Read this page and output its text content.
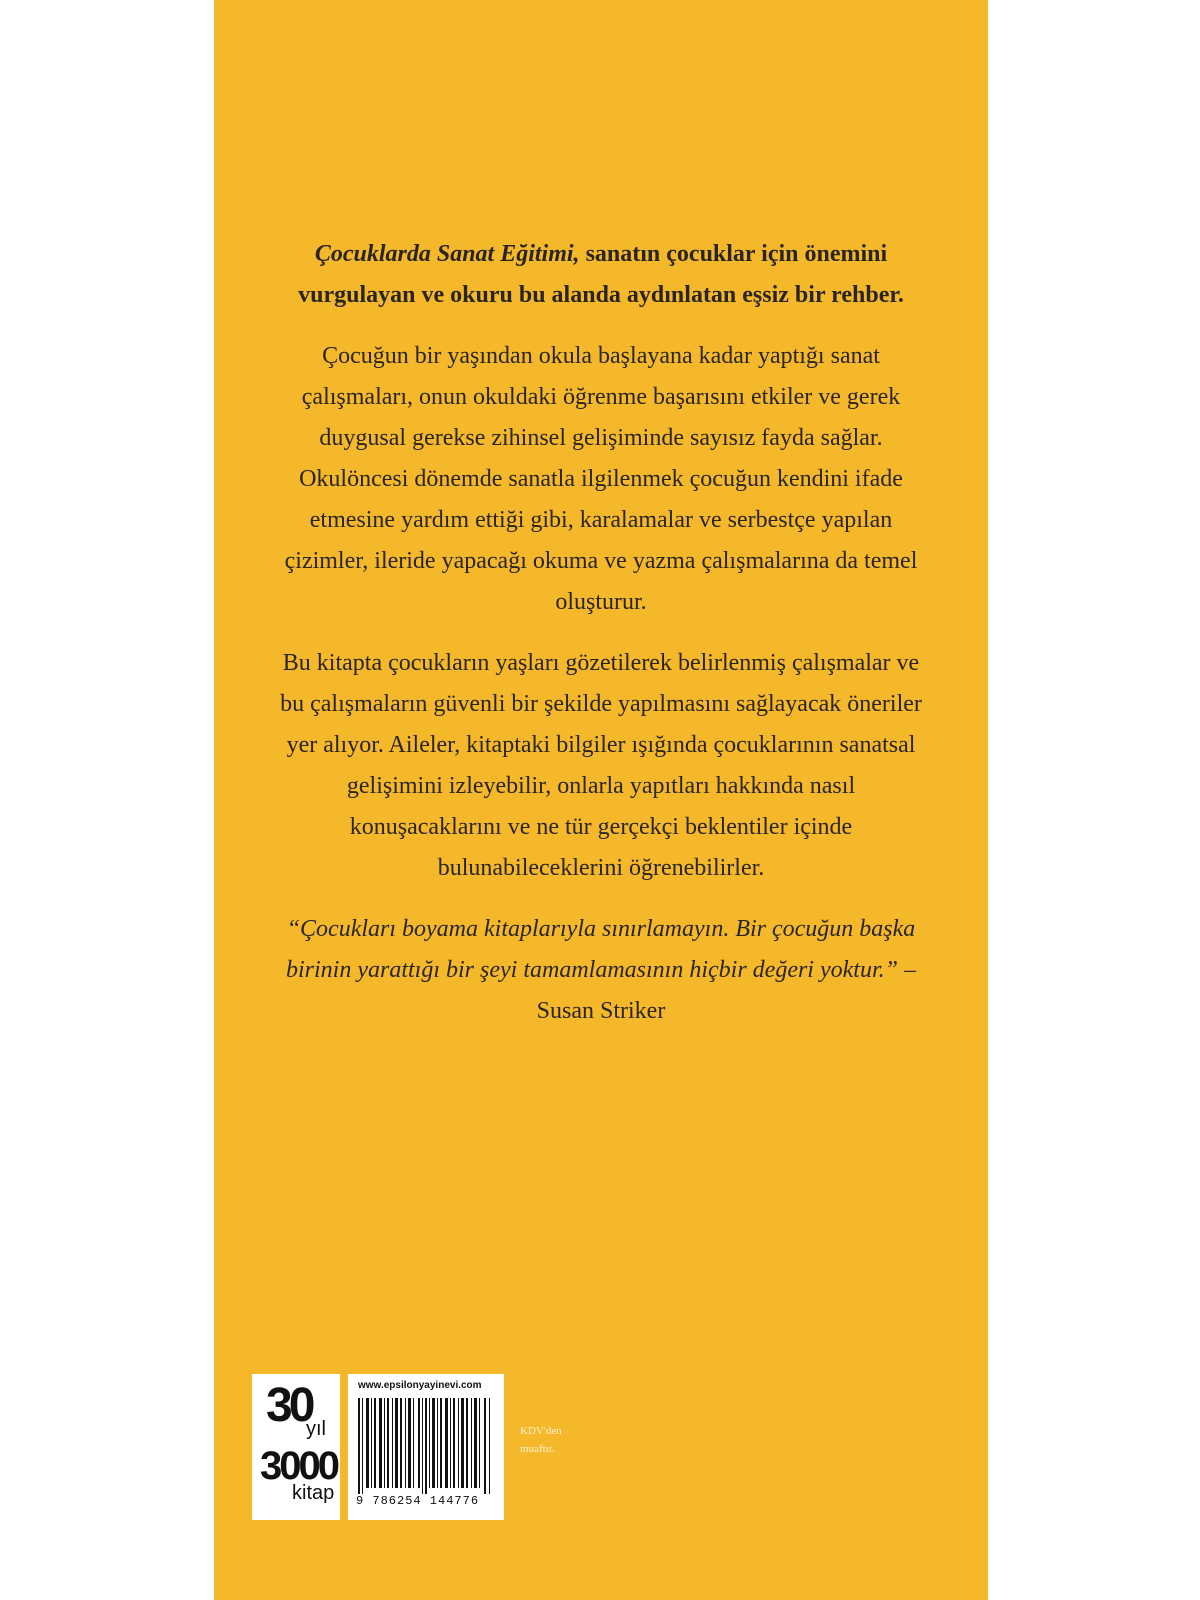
Çocuklarda Sanat Eğitimi, sanatın çocuklar için önemini vurgulayan ve okuru bu alanda aydınlatan eşsiz bir rehber.

Çocuğun bir yaşından okula başlayana kadar yaptığı sanat çalışmaları, onun okuldaki öğrenme başarısını etkiler ve gerek duygusal gerekse zihinsel gelişiminde sayısız fayda sağlar. Okulöncesi dönemde sanatla ilgilenmek çocuğun kendini ifade etmesine yardım ettiği gibi, karalamalar ve serbestçe yapılan çizimler, ileride yapacağı okuma ve yazma çalışmalarına da temel oluşturur.

Bu kitapta çocukların yaşları gözetilerek belirlenmiş çalışmalar ve bu çalışmaların güvenli bir şekilde yapılmasını sağlayacak öneriler yer alıyor. Aileler, kitaptaki bilgiler ışığında çocuklarının sanatsal gelişimini izleyebilir, onlarla yapıtları hakkında nasıl konuşacaklarını ve ne tür gerçekçi beklentiler içinde bulunabileceklerini öğrenebilirler.

“Çocukları boyama kitaplarıyla sınırlamayın. Bir çocuğun başka birinin yarattığı bir şeyi tamamlamasının hiçbir değeri yoktur.” –Susan Striker

30
yıl
3000
kitap
www.epsilonyayinevi.com
9 786254 144776
KDV'den
muaftır.
